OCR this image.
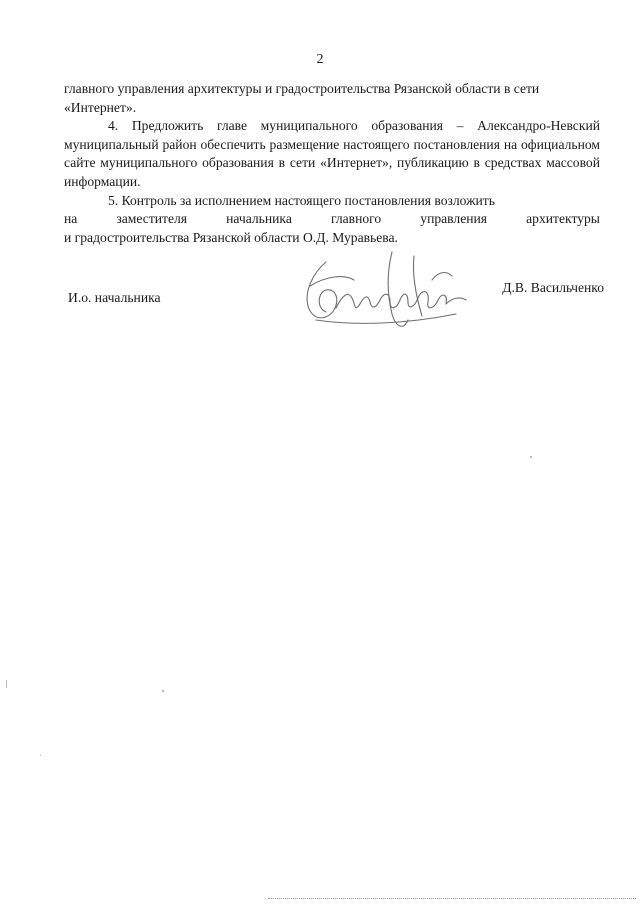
2

главного управления архитектуры и градостроительства Рязанской области в сети
«Интернет».

4. Предложить главе муниципального образования – Александро-Невский муниципальный район обеспечить размещение настоящего постановления на официальном сайте муниципального образования в сети «Интернет», публикацию в средствах массовой информации.

5. Контроль за исполнением настоящего постановления возложить
на	заместителя	начальника	главного	управления	архитектуры
и градостроительства Рязанской области О.Д. Муравьева.

И.о. начальника
Д.В. Васильченко
